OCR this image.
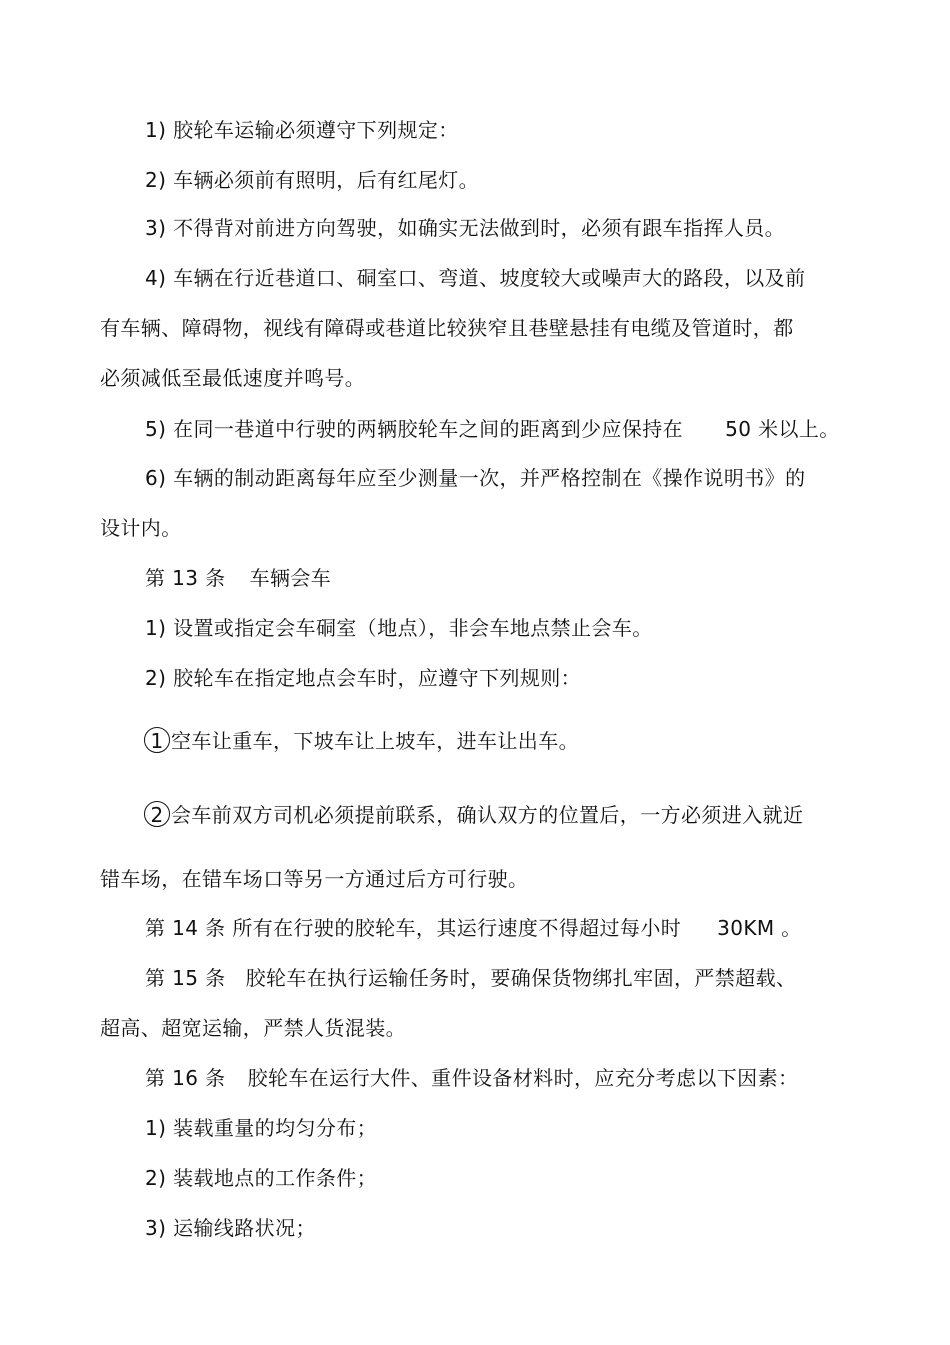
1) 胶轮车运输必须遵守下列规定：
2) 车辆必须前有照明，后有红尾灯。
3) 不得背对前进方向驾驶，如确实无法做到时，必须有跟车指挥人员。
4) 车辆在行近巷道口、硐室口、弯道、坡度较大或噪声大的路段，以及前
有车辆、障碍物，视线有障碍或巷道比较狭窄且巷壁悬挂有电缆及管道时，都
必须减低至最低速度并鸣号。
5) 在同一巷道中行驶的两辆胶轮车之间的距离到少应保持在 50 米以上。
6) 车辆的制动距离每年应至少测量一次，并严格控制在《操作说明书》的
设计内。
第 13 条 车辆会车
1) 设置或指定会车硐室（地点），非会车地点禁止会车。
2) 胶轮车在指定地点会车时，应遵守下列规则：
1 空车让重车，下坡车让上坡车，进车让出车。
2 会车前双方司机必须提前联系，确认双方的位置后，一方必须进入就近
错车场，在错车场口等另一方通过后方可行驶。
第 14 条 所有在行驶的胶轮车，其运行速度不得超过每小时 30KM 。
第 15 条 胶轮车在执行运输任务时，要确保货物绑扎牢固，严禁超载、
超高、超宽运输，严禁人货混装。
第 16 条 胶轮车在运行大件、重件设备材料时，应充分考虑以下因素：
1) 装载重量的均匀分布；
2) 装载地点的工作条件；
3) 运输线路状况；
